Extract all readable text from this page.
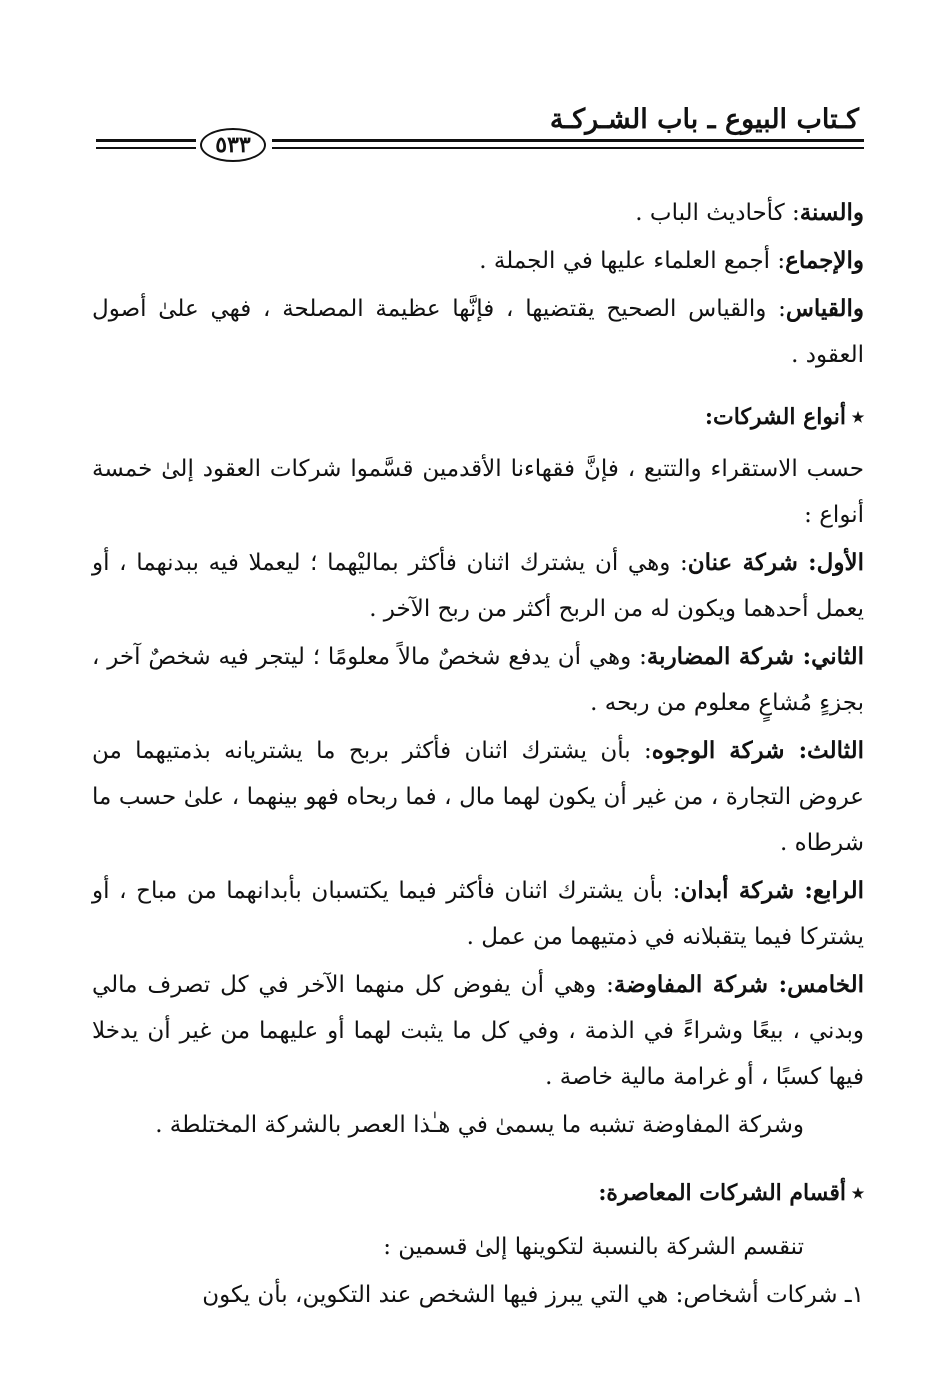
كـتاب البيوع ـ باب الشـركـة
٥٣٣

والسنة: كأحاديث الباب .

والإجماع: أجمع العلماء عليها في الجملة .

والقياس: والقياس الصحيح يقتضيها ، فإنَّها عظيمة المصلحة ، فهي علىٰ أصول العقود .

٭أنواع الشركات:

حسب الاستقراء والتتبع ، فإنَّ فقهاءنا الأقدمين قسَّموا شركات العقود إلىٰ خمسة أنواع :

الأول: شركة عنان: وهي أن يشترك اثنان فأكثر بماليْهما ؛ ليعملا فيه ببدنهما ، أو يعمل أحدهما ويكون له من الربح أكثر من ربح الآخر .

الثاني: شركة المضاربة: وهي أن يدفع شخصٌ مالاً معلومًا ؛ ليتجر فيه شخصٌ آخر ، بجزءٍ مُشاعٍ معلوم من ربحه .

الثالث: شركة الوجوه: بأن يشترك اثنان فأكثر بربح ما يشتريانه بذمتيهما من عروض التجارة ، من غير أن يكون لهما مال ، فما ربحاه فهو بينهما ، علىٰ حسب ما شرطاه .

الرابع: شركة أبدان: بأن يشترك اثنان فأكثر فيما يكتسبان بأبدانهما من مباح ، أو يشتركا فيما يتقبلانه في ذمتيهما من عمل .

الخامس: شركة المفاوضة: وهي أن يفوض كل منهما الآخر في كل تصرف مالي وبدني ، بيعًا وشراءً في الذمة ، وفي كل ما يثبت لهما أو عليهما من غير أن يدخلا فيها كسبًا ، أو غرامة مالية خاصة .

وشركة المفاوضة تشبه ما يسمىٰ في هـٰذا العصر بالشركة المختلطة .

٭أقسام الشركات المعاصرة:

تنقسم الشركة بالنسبة لتكوينها إلىٰ قسمين :

١ـ شركات أشخاص: هي التي يبرز فيها الشخص عند التكوين، بأن يكون
